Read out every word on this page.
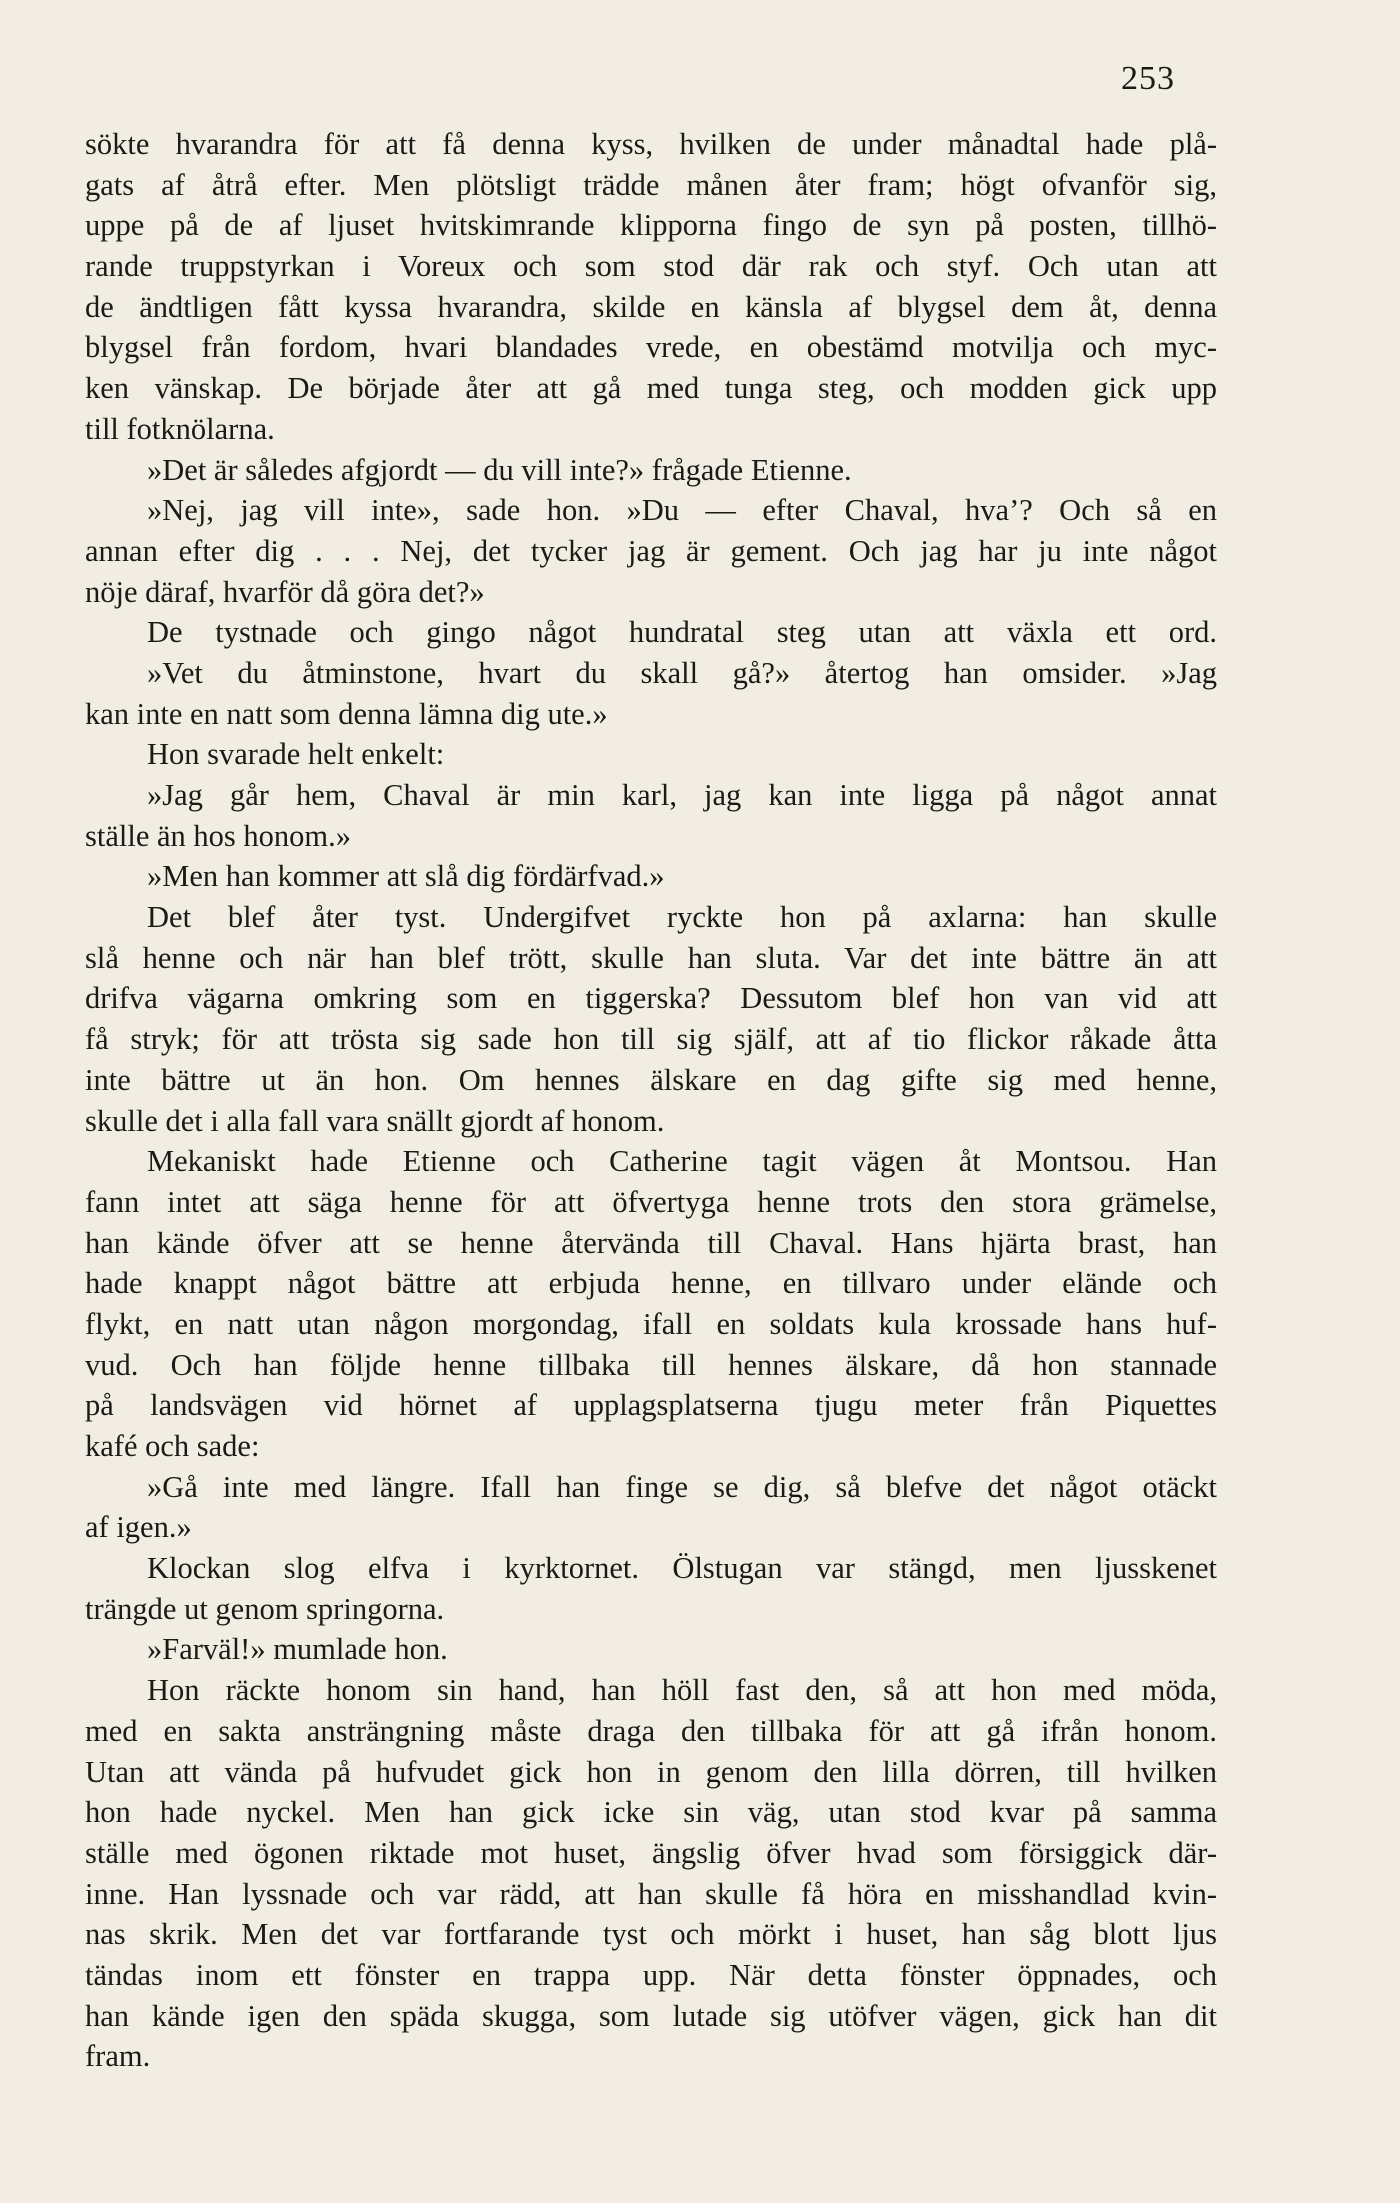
253
sökte hvarandra för att få denna kyss, hvilken de under månadtal hade plå-
gats af åtrå efter. Men plötsligt trädde månen åter fram; högt ofvanför sig,
uppe på de af ljuset hvitskimrande klipporna fingo de syn på posten, tillhö-
rande truppstyrkan i Voreux och som stod där rak och styf. Och utan att
de ändtligen fått kyssa hvarandra, skilde en känsla af blygsel dem åt, denna
blygsel från fordom, hvari blandades vrede, en obestämd motvilja och myc-
ken vänskap. De började åter att gå med tunga steg, och modden gick upp
till fotknölarna.
»Det är således afgjordt — du vill inte?» frågade Etienne.
»Nej, jag vill inte», sade hon. »Du — efter Chaval, hva’? Och så en
annan efter dig . . . Nej, det tycker jag är gement. Och jag har ju inte något
nöje däraf, hvarför då göra det?»
De tystnade och gingo något hundratal steg utan att växla ett ord.
»Vet du åtminstone, hvart du skall gå?» återtog han omsider. »Jag
kan inte en natt som denna lämna dig ute.»
Hon svarade helt enkelt:
»Jag går hem, Chaval är min karl, jag kan inte ligga på något annat
ställe än hos honom.»
»Men han kommer att slå dig fördärfvad.»
Det blef åter tyst. Undergifvet ryckte hon på axlarna: han skulle
slå henne och när han blef trött, skulle han sluta. Var det inte bättre än att
drifva vägarna omkring som en tiggerska? Dessutom blef hon van vid att
få stryk; för att trösta sig sade hon till sig själf, att af tio flickor råkade åtta
inte bättre ut än hon. Om hennes älskare en dag gifte sig med henne,
skulle det i alla fall vara snällt gjordt af honom.
Mekaniskt hade Etienne och Catherine tagit vägen åt Montsou. Han
fann intet att säga henne för att öfvertyga henne trots den stora grämelse,
han kände öfver att se henne återvända till Chaval. Hans hjärta brast, han
hade knappt något bättre att erbjuda henne, en tillvaro under elände och
flykt, en natt utan någon morgondag, ifall en soldats kula krossade hans huf-
vud. Och han följde henne tillbaka till hennes älskare, då hon stannade
på landsvägen vid hörnet af upplagsplatserna tjugu meter från Piquettes
kafé och sade:
»Gå inte med längre. Ifall han finge se dig, så blefve det något otäckt
af igen.»
Klockan slog elfva i kyrktornet. Ölstugan var stängd, men ljusskenet
trängde ut genom springorna.
»Farväl!» mumlade hon.
Hon räckte honom sin hand, han höll fast den, så att hon med möda,
med en sakta ansträngning måste draga den tillbaka för att gå ifrån honom.
Utan att vända på hufvudet gick hon in genom den lilla dörren, till hvilken
hon hade nyckel. Men han gick icke sin väg, utan stod kvar på samma
ställe med ögonen riktade mot huset, ängslig öfver hvad som försiggick där-
inne. Han lyssnade och var rädd, att han skulle få höra en misshandlad kvin-
nas skrik. Men det var fortfarande tyst och mörkt i huset, han såg blott ljus
tändas inom ett fönster en trappa upp. När detta fönster öppnades, och
han kände igen den späda skugga, som lutade sig utöfver vägen, gick han dit
fram.
